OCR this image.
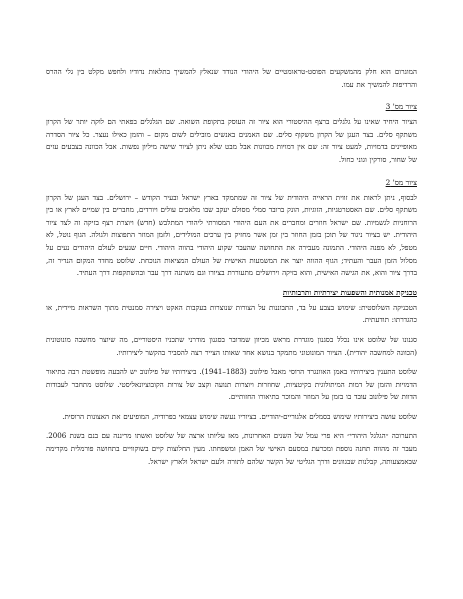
המוגרום הוא חלק מהמשקעים הפוסט-טראומטיים של היהודי הנודד שנאלץ להמשיך בתלאות נדודיו ולחפש מקלט בין גלי ההרס והרדיפות להמשיך את עמו.

ציור מס' 3

הציור היחיד שאינו על גלגלים ברצף ההיסטורי הוא ציור זה העוסק בתקופת השואה. שם הגלגלים בפאתי הם לוקה יותר של הקרון משתקף סלים. בצד העגן של הקרון משקוף סלים. שם האמנים באנשים מובילים לשום מקום – והזמן כאילו נעצר. כל ציור הסדרה מאופיינים בדמויות, למעט ציור זה: שם אין דמויות מכוונות אבל מבט שלא ניתן לציור שישה מיליון נפשות. אבל הכוונה בצבעים עזים של שחור, סורקין וגוני כחול.

ציור מס' 2

לבסוף, ניתן לראות את זווית הראייה היהודית של ציור זה שמתמקד בארץ ישראל ובעיר הקודש – ירושלים. בצד העגן של הקרון משתקף סלים. שם האסטרטגיות, הזוגיות, הונק ברובד סמלי מסולם יעקב שבו מלאכים עולים ויורדים, מחברים בין שמיים לארץ או בין הרוחניות לגשמיות. שם ישראל חוזרים ומחברים את העם היהודי המסורתי ליהודי המתלבש (חדש) ויוצרת רצף בזיקה זה לצד ציור היהודית. יש בציור ניגוד של תוכן בזמן החוזר בין זמן אשר מחזיק בין ערכים המולידים, ולזמן המוזר התפוצות ולגולה. הגוף נוטל, לא מטפל, לא מפנה היהודי. התמונה מעבירה את התחושה שהעבר שקוע היהודי בהווה היהודי. חיים שנעים לעולם היהודים נעים על מסלול הזמן העבר והעתיד; הגוף ההווה יוצר את המשמעות האישית של העולם המציאות הנוכחת. שלוסט מחדד המקום הנדיר זה, בדרך ציור והוא, את הגישה האישית, והוא בזיקה וירושלים מתעוררת בציורו וגם משתנה דרך עבר ובהשתקפות דרך העתיד.

טכניקת אמנותית והשפעות יצירתיות ותרבותיות

הטכניקה השלוסטית: שימוש בצבע על בד, התבוננות על הצורות שנוצרות בעקבות האקט ויצירה סמנטית מתוך השראות מיידית, או כהגדרתו: תודעתית.

סגנונו של שלוסט אינו נכלל בסגנון מוגדרת מראש מכיוון שמדובר בסגנון מודרני שתכניו היסטוריים, מה שיוצר מחשבה מונוטונית (הכוונה למחשבה יהודית). הציור המונוטוני מתמקד בנושא אחד שאותו הצייר רצה להסביר בהקשר ליצירותיו.

שלוסט התענין ביצירותיו באמן האוונגרד הרוסי מאבל פילונוב (1883–1941). ביצירותיו של פילונוב יש להבעה מופשטת רבה בתיאור הדמויות והזמן של דמות המיתולוגית בקיטציות, שחוזרות ויוצרות תנועה וקצב של צורות הקובוציונאליסטי. שלוסט מתחבר לעבודות הדוות של פילונוב עובד בו בזמן על המוזר והמוכר בתיאורו החזותיים.

שלוסט עושה ביצירותיו שימוש בסמלים אלגוריים-יהודיים. בציוריו נעשה שימוש עצמאי בפרודיה, המופיעים את האצונות הרוסית.

התערוכה ״הגלגל היהודי״ היא פרי עמל של השנים האחרונות, מאז עליותו ארצה של שלוסט ואשתו מריננה עם בנם בשנת 2006. מעבר זה מהווה תחנה נוספת ומכרעת במסעם האישי של האמן ומשפחתו. מעין החלוצות קיים בשוקוויים בתחושה פורמלית מקדימה שבאמצעותה, קבלנות שבגוונים ודרך הגליטי של הקשר שלהם לתורה ולעם ישראל ולארץ ישראל.
